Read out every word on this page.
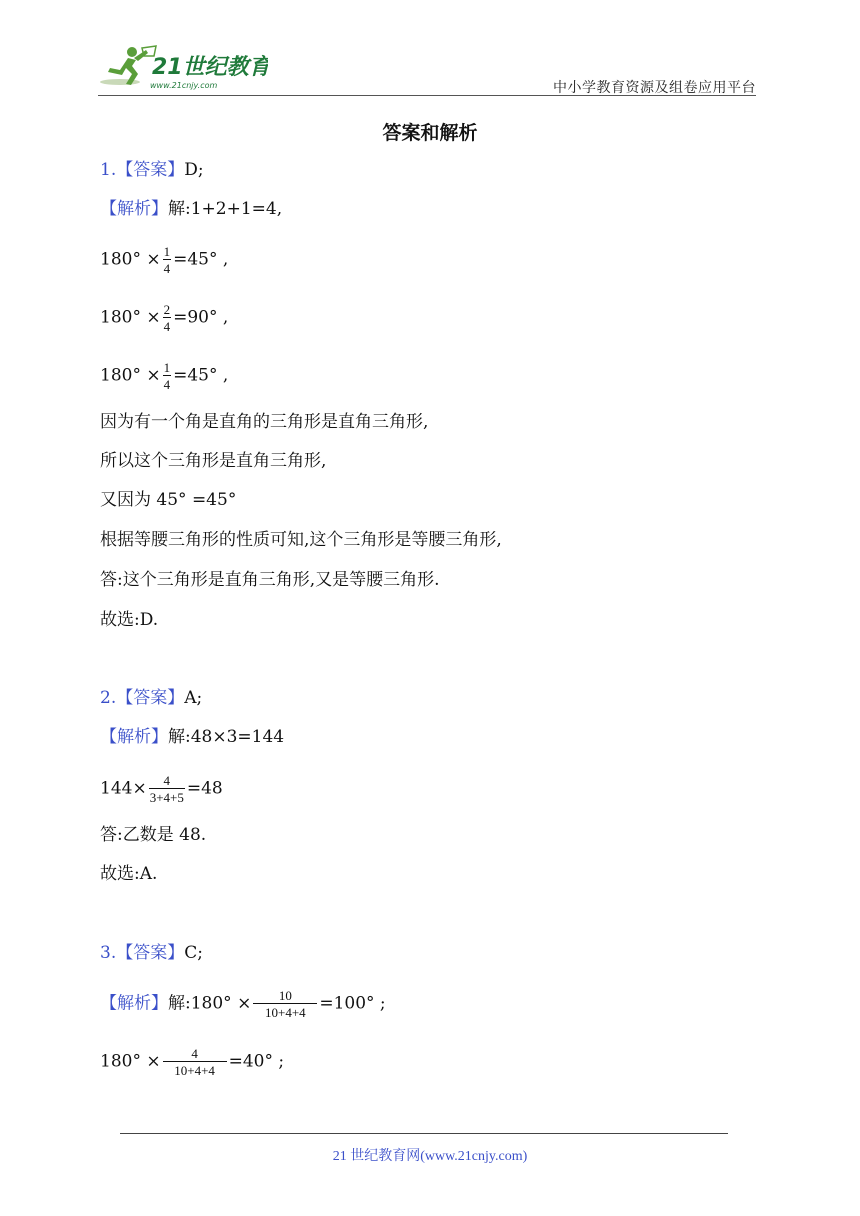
21世纪教育
www.21cnjy.com	中小学教育资源及组卷应用平台
答案和解析
1.【答案】D;
【解析】解:1+2+1=4,
$180^\circ \times \frac{1}{4} =45^\circ$ ,
$180^\circ \times \frac{2}{4} =90^\circ$ ,
$180^\circ \times \frac{1}{4} =45^\circ$ ,
因为有一个角是直角的三角形是直角三角形,
所以这个三角形是直角三角形,
又因为 45° =45°
根据等腰三角形的性质可知,这个三角形是等腰三角形,
答:这个三角形是直角三角形,又是等腰三角形.
故选:D.
2.【答案】A;
【解析】解:48×3=144
$144\times \frac{4}{3+4+5} =48$
答:乙数是 48.
故选:A.
3.【答案】C;
【解析】解:180° × $\frac{10}{10+4+4} =100^\circ$ ;
$180^\circ \times \frac{4}{10+4+4} =40^\circ$ ;
21 世纪教育网(www.21cnjy.com)
